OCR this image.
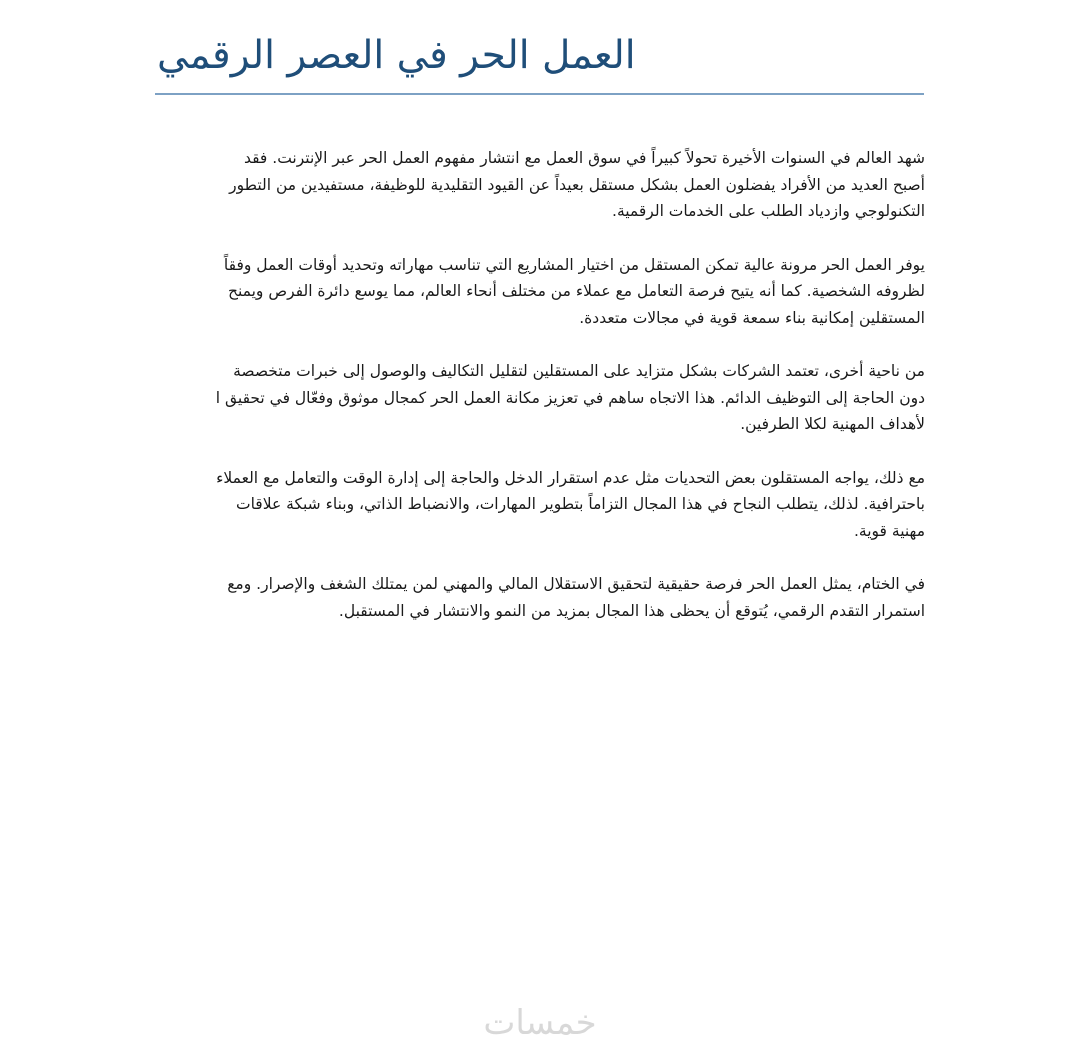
العمل الحر في العصر الرقمي

شهد العالم في السنوات الأخيرة تحولاً كبيراً في سوق العمل مع انتشار مفهوم العمل الحر عبر الإنترنت. فقد
أصبح العديد من الأفراد يفضلون العمل بشكل مستقل بعيداً عن القيود التقليدية للوظيفة، مستفيدين من التطور
التكنولوجي وازدياد الطلب على الخدمات الرقمية.

يوفر العمل الحر مرونة عالية تمكن المستقل من اختيار المشاريع التي تناسب مهاراته وتحديد أوقات العمل وفقاً
لظروفه الشخصية. كما أنه يتيح فرصة التعامل مع عملاء من مختلف أنحاء العالم، مما يوسع دائرة الفرص ويمنح
المستقلين إمكانية بناء سمعة قوية في مجالات متعددة.

من ناحية أخرى، تعتمد الشركات بشكل متزايد على المستقلين لتقليل التكاليف والوصول إلى خبرات متخصصة
دون الحاجة إلى التوظيف الدائم. هذا الاتجاه ساهم في تعزيز مكانة العمل الحر كمجال موثوق وفعّال في تحقيق ا
لأهداف المهنية لكلا الطرفين.

مع ذلك، يواجه المستقلون بعض التحديات مثل عدم استقرار الدخل والحاجة إلى إدارة الوقت والتعامل مع العملاء
باحترافية. لذلك، يتطلب النجاح في هذا المجال التزاماً بتطوير المهارات، والانضباط الذاتي، وبناء شبكة علاقات
مهنية قوية.

في الختام، يمثل العمل الحر فرصة حقيقية لتحقيق الاستقلال المالي والمهني لمن يمتلك الشغف والإصرار. ومع
استمرار التقدم الرقمي، يُتوقع أن يحظى هذا المجال بمزيد من النمو والانتشار في المستقبل.

خمسات
